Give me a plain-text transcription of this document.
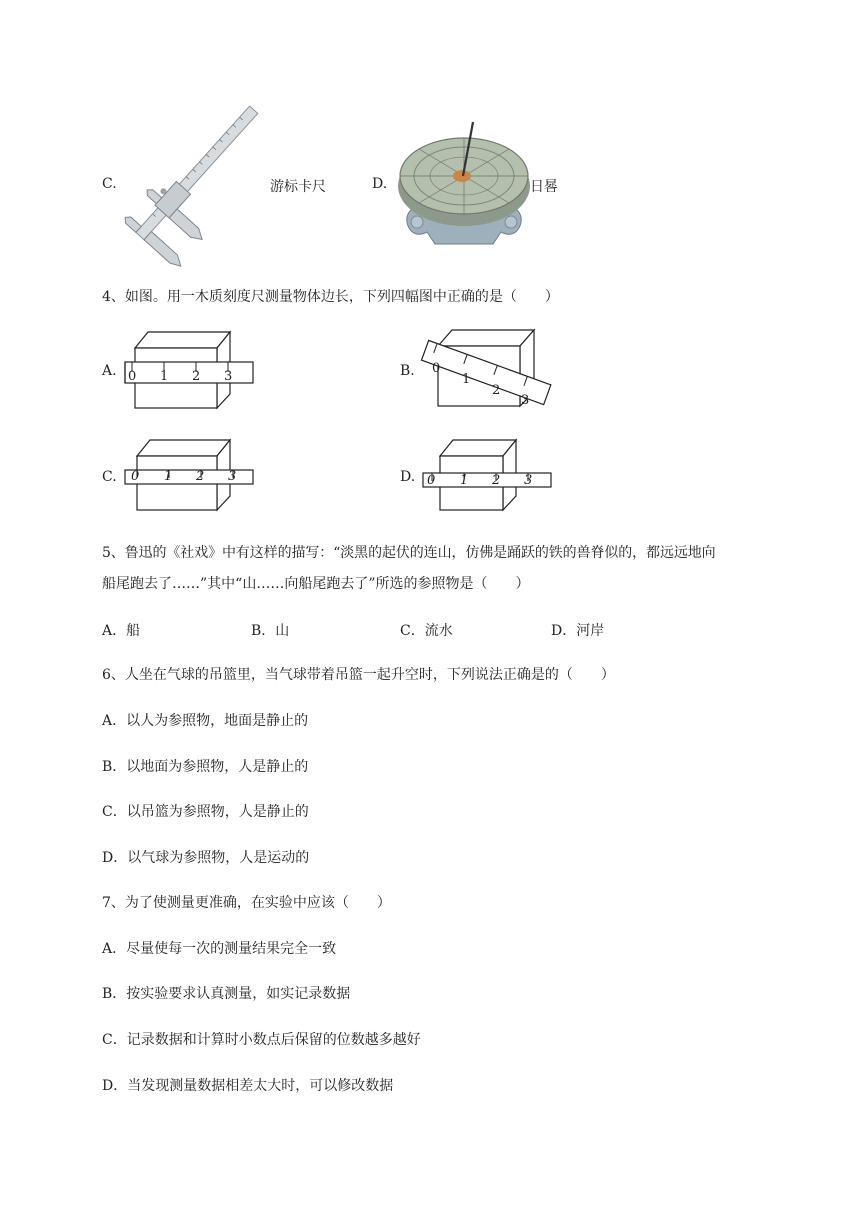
C.	游标卡尺	D.	日晷
4、如图。用一木质刻度尺测量物体边长，下列四幅图中正确的是（　　）
A. 0 1 2 3	B. 0
1
2
3
C. 0 1 2 3	D. 0 1 2 3
5、鲁迅的《社戏》中有这样的描写：“淡黑的起伏的连山，仿佛是踊跃的铁的兽脊似的，都远远地向
船尾跑去了……”其中“山……向船尾跑去了”所选的参照物是（　　）
A．船	B．山	C．流水	D．河岸
6、人坐在气球的吊篮里，当气球带着吊篮一起升空时，下列说法正确是的（　　）
A．以人为参照物，地面是静止的
B．以地面为参照物，人是静止的
C．以吊篮为参照物，人是静止的
D．以气球为参照物，人是运动的
7、为了使测量更准确，在实验中应该（　　）
A．尽量使每一次的测量结果完全一致
B．按实验要求认真测量，如实记录数据
C．记录数据和计算时小数点后保留的位数越多越好
D．当发现测量数据相差太大时，可以修改数据
